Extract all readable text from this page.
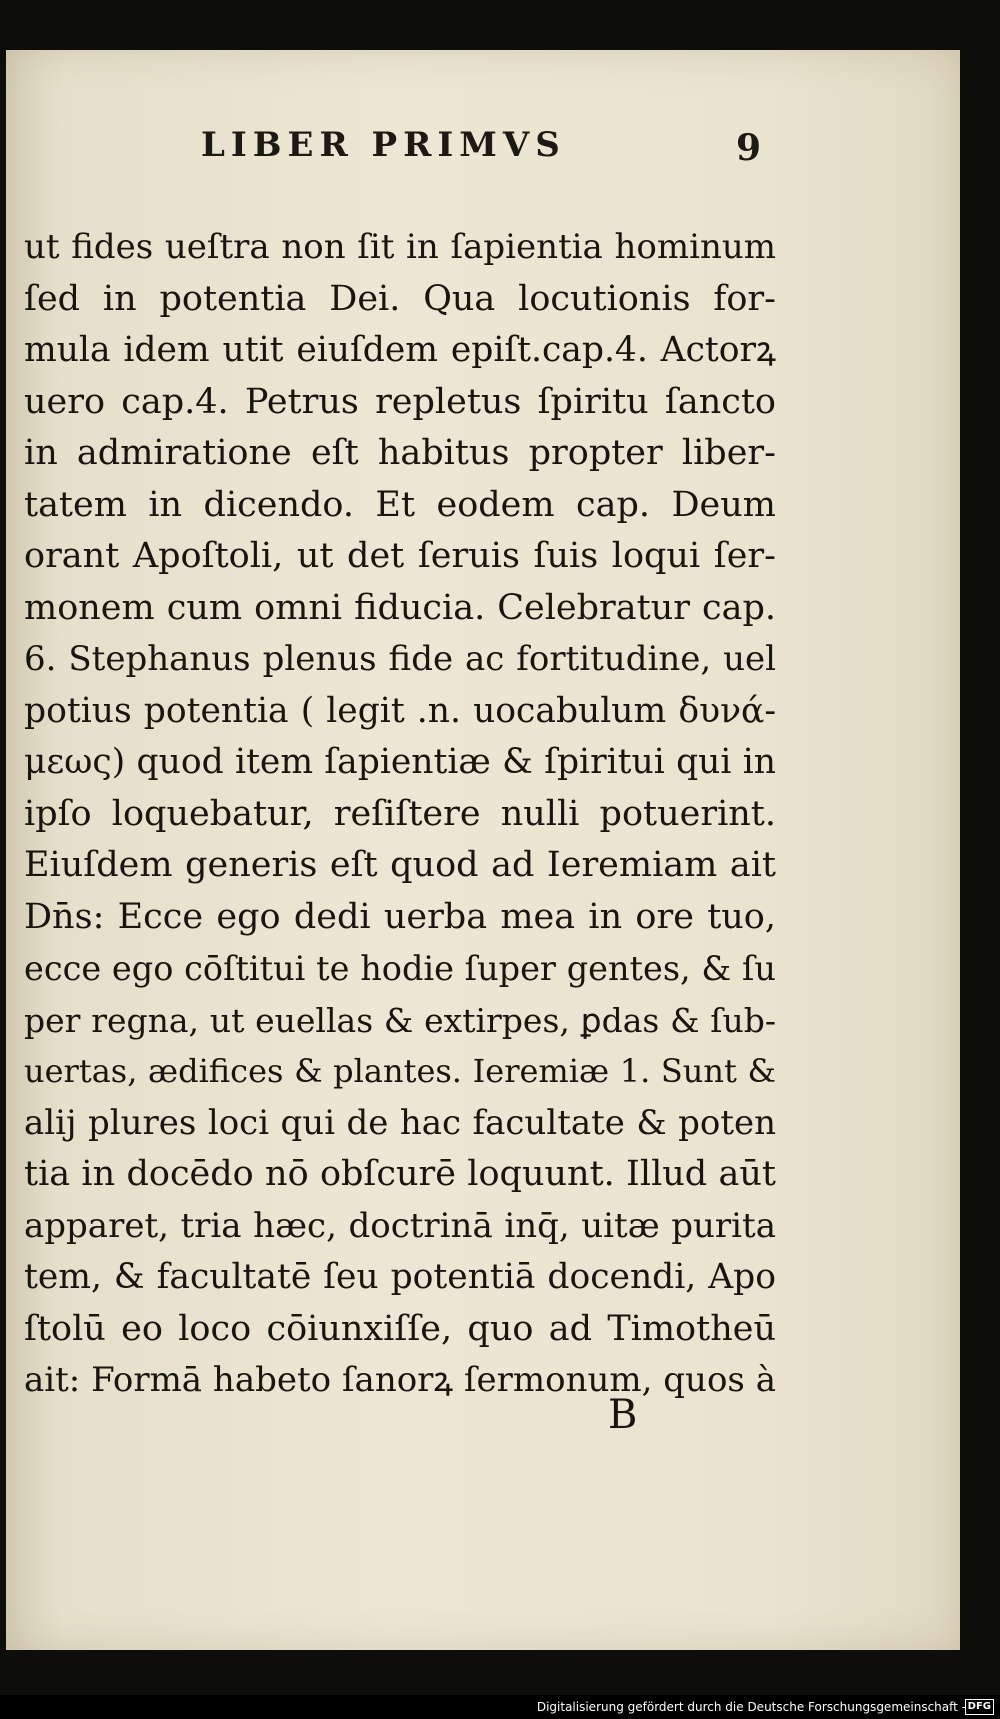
LIBER PRIMVS	9
ut fides ueſtra non ſit in ſapientia hominum
ſed in potentia Dei. Qua locutionis for-
mula idem utit eiuſdem epiſt.cap.4. Actorꝝ
uero cap.4. Petrus repletus ſpiritu ſancto
in admiratione eſt habitus propter liber-
tatem in dicendo. Et eodem cap. Deum
orant Apoſtoli, ut det ſeruis ſuis loqui ſer-
monem cum omni fiducia. Celebratur cap.
6. Stephanus plenus fide ac fortitudine, uel
potius potentia ( legit .n. uocabulum δυνά-
μεως) quod item ſapientiæ & ſpiritui qui in
ipſo loquebatur, reſiſtere nulli potuerint.
Eiuſdem generis eſt quod ad Ieremiam ait
Dn̄s: Ecce ego dedi uerba mea in ore tuo,
ecce ego cōſtitui te hodie ſuper gentes, & ſu
per regna, ut euellas & extirpes, ꝑdas & ſub-
uertas, ædifices & plantes. Ieremiæ 1. Sunt &
alij plures loci qui de hac facultate & poten
tia in docēdo nō obſcurē loquunt. Illud aūt
apparet, tria hæc, doctrinā inq̄, uitæ purita
tem, & facultatē ſeu potentiā docendi, Apo
ſtolū eo loco cōiunxiſſe, quo ad Timotheū
ait: Formā habeto ſanorꝝ ſermonum, quos à
B
Digitalisierung gefördert durch die Deutsche Forschungsgemeinschaft - DFG
